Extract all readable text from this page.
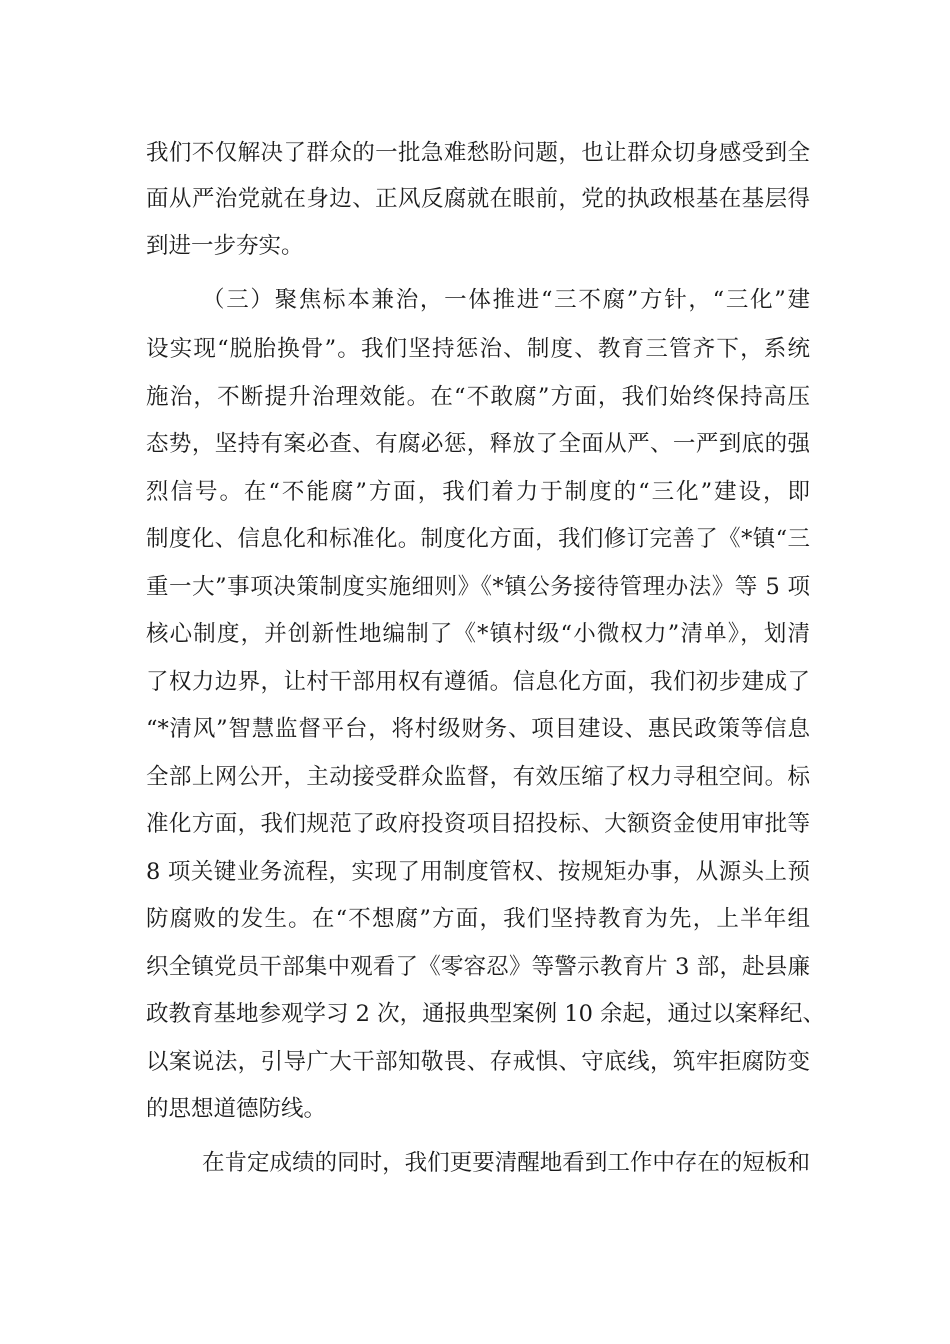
我们不仅解决了群众的一批急难愁盼问题，也让群众切身感受到全
面从严治党就在身边、正风反腐就在眼前，党的执政根基在基层得
到进一步夯实。
（三）聚焦标本兼治，一体推进“三不腐”方针，“三化”建
设实现“脱胎换骨”。我们坚持惩治、制度、教育三管齐下，系统
施治，不断提升治理效能。在“不敢腐”方面，我们始终保持高压
态势，坚持有案必查、有腐必惩，释放了全面从严、一严到底的强
烈信号。在“不能腐”方面，我们着力于制度的“三化”建设，即
制度化、信息化和标准化。制度化方面，我们修订完善了《*镇“三
重一大”事项决策制度实施细则》《*镇公务接待管理办法》等 5 项
核心制度，并创新性地编制了《*镇村级“小微权力”清单》，划清
了权力边界，让村干部用权有遵循。信息化方面，我们初步建成了
“*清风”智慧监督平台，将村级财务、项目建设、惠民政策等信息
全部上网公开，主动接受群众监督，有效压缩了权力寻租空间。标
准化方面，我们规范了政府投资项目招投标、大额资金使用审批等
8 项关键业务流程，实现了用制度管权、按规矩办事，从源头上预
防腐败的发生。在“不想腐”方面，我们坚持教育为先，上半年组
织全镇党员干部集中观看了《零容忍》等警示教育片 3 部，赴县廉
政教育基地参观学习 2 次，通报典型案例 10 余起，通过以案释纪、
以案说法，引导广大干部知敬畏、存戒惧、守底线，筑牢拒腐防变
的思想道德防线。
在肯定成绩的同时，我们更要清醒地看到工作中存在的短板和
